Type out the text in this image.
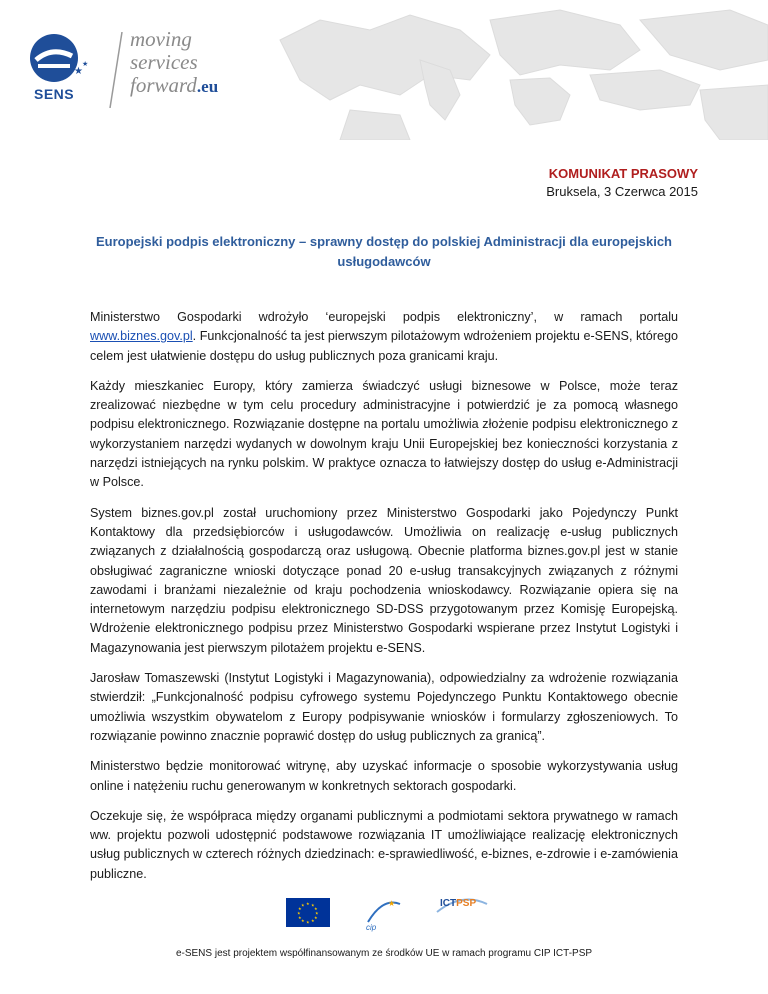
★
★
SENS
moving
services
forward.eu
KOMUNIKAT PRASOWY
Bruksela, 3 Czerwca 2015
Europejski podpis elektroniczny – sprawny dostęp do polskiej Administracji dla europejskich usługodawców

Ministerstwo Gospodarki wdrożyło ‘europejski podpis elektroniczny’, w ramach portalu www.biznes.gov.pl. Funkcjonalność ta jest pierwszym pilotażowym wdrożeniem projektu e-SENS, którego celem jest ułatwienie dostępu do usług publicznych poza granicami kraju.

Każdy mieszkaniec Europy, który zamierza świadczyć usługi biznesowe w Polsce, może teraz zrealizować niezbędne w tym celu procedury administracyjne i potwierdzić je za pomocą własnego podpisu elektronicznego. Rozwiązanie dostępne na portalu umożliwia złożenie podpisu elektronicznego z wykorzystaniem narzędzi wydanych w dowolnym kraju Unii Europejskiej bez konieczności korzystania z narzędzi istniejących na rynku polskim. W praktyce oznacza to łatwiejszy dostęp do usług e-Administracji w Polsce.

System biznes.gov.pl został uruchomiony przez Ministerstwo Gospodarki jako Pojedynczy Punkt Kontaktowy dla przedsiębiorców i usługodawców. Umożliwia on realizację e-usług publicznych związanych z działalnością gospodarczą oraz usługową. Obecnie platforma biznes.gov.pl jest w stanie obsługiwać zagraniczne wnioski dotyczące ponad 20 e-usług transakcyjnych związanych z różnymi zawodami i branżami niezależnie od kraju pochodzenia wnioskodawcy. Rozwiązanie opiera się na internetowym narzędziu podpisu elektronicznego SD-DSS przygotowanym przez Komisję Europejską. Wdrożenie elektronicznego podpisu przez Ministerstwo Gospodarki wspierane przez Instytut Logistyki i Magazynowania jest pierwszym pilotażem projektu e-SENS.

Jarosław Tomaszewski (Instytut Logistyki i Magazynowania), odpowiedzialny za wdrożenie rozwiązania stwierdził: „Funkcjonalność podpisu cyfrowego systemu Pojedynczego Punktu Kontaktowego obecnie umożliwia wszystkim obywatelom z Europy podpisywanie wniosków i formularzy zgłoszeniowych. To rozwiązanie powinno znacznie poprawić dostęp do usług publicznych za granicą”.

Ministerstwo będzie monitorować witrynę, aby uzyskać informacje o sposobie wykorzystywania usług online i natężeniu ruchu generowanym w konkretnych sektorach gospodarki.

Oczekuje się, że współpraca między organami publicznymi a podmiotami sektora prywatnego w ramach ww. projektu pozwoli udostępnić podstawowe rozwiązania IT umożliwiające realizację elektronicznych usług publicznych w czterech różnych dziedzinach: e-sprawiedliwość, e-biznes, e-zdrowie i e-zamówienia publiczne.

★ ★
★
★
★
★
★
★
★
★
★
★	★
cip
ICTPSP
e-SENS jest projektem współfinansowanym ze środków UE w ramach programu CIP ICT-PSP
